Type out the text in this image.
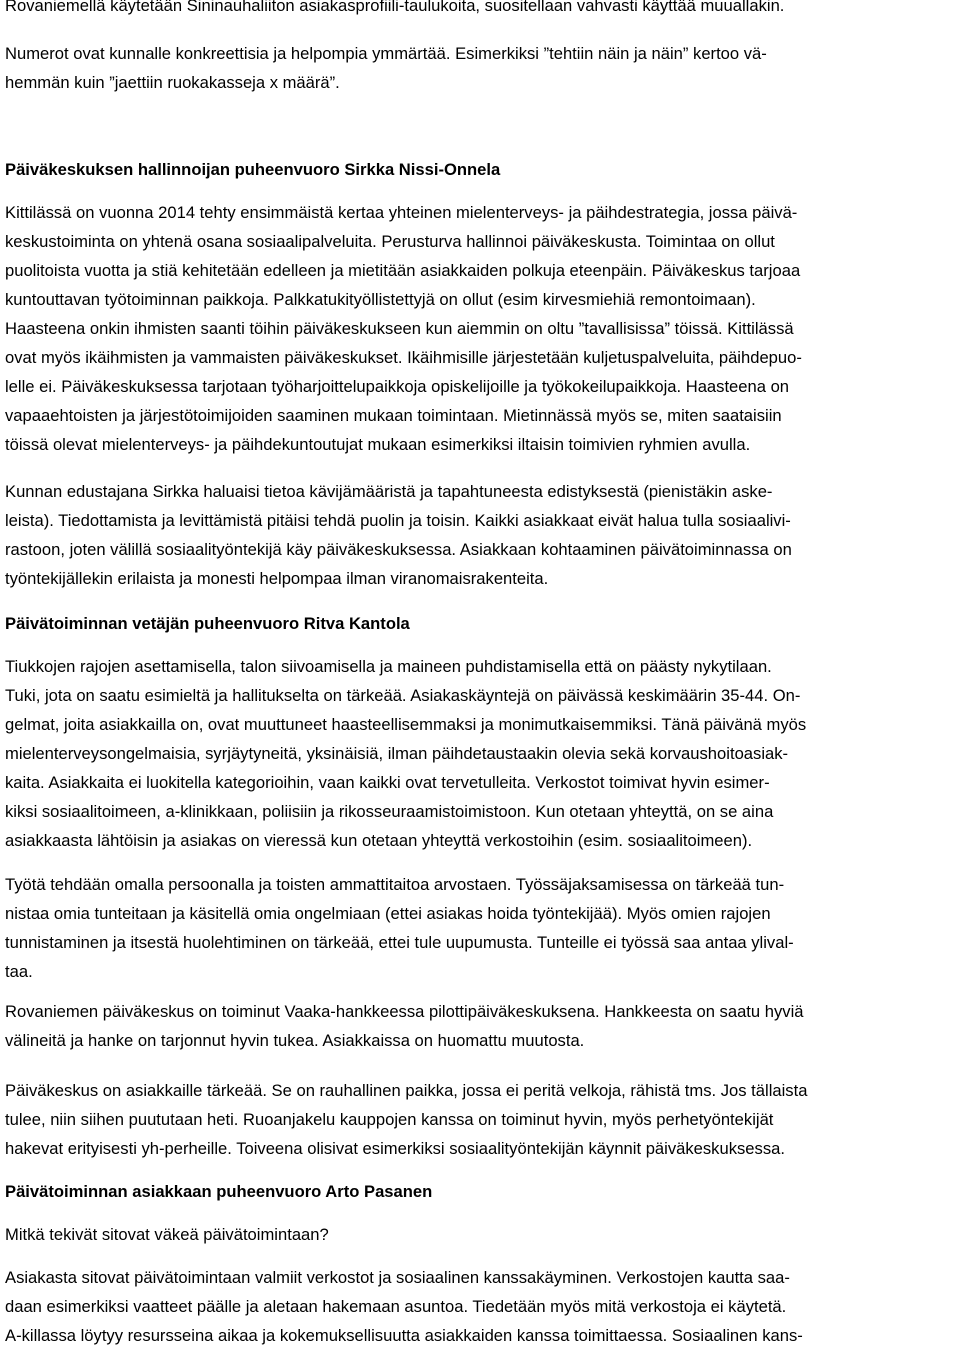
Rovaniemellä käytetään Sininauhaliiton asiakasprofiili-taulukoita, suositellaan vahvasti käyttää muuallakin.
Numerot ovat kunnalle konkreettisia ja helpompia ymmärtää. Esimerkiksi ”tehtiin näin ja näin” kertoo vä-
hemmän kuin ”jaettiin ruokakasseja x määrä”.
Päiväkeskuksen hallinnoijan puheenvuoro Sirkka Nissi-Onnela
Kittilässä on vuonna 2014 tehty ensimmäistä kertaa yhteinen mielenterveys- ja päihdestrategia, jossa päivä-
keskustoiminta on yhtenä osana sosiaalipalveluita. Perusturva hallinnoi päiväkeskusta. Toimintaa on ollut
puolitoista vuotta ja stiä kehitetään edelleen ja mietitään asiakkaiden polkuja eteenpäin. Päiväkeskus tarjoaa
kuntouttavan työtoiminnan paikkoja. Palkkatukityöllistettyjä on ollut (esim kirvesmiehiä remontoimaan).
Haasteena onkin ihmisten saanti töihin päiväkeskukseen kun aiemmin on oltu ”tavallisissa” töissä. Kittilässä
ovat myös ikäihmisten ja vammaisten päiväkeskukset. Ikäihmisille järjestetään kuljetuspalveluita, päihdepuo-
lelle ei. Päiväkeskuksessa tarjotaan työharjoittelupaikkoja opiskelijoille ja työkokeilupaikkoja. Haasteena on
vapaaehtoisten ja järjestötoimijoiden saaminen mukaan toimintaan. Mietinnässä myös se, miten saataisiin
töissä olevat mielenterveys- ja päihdekuntoutujat mukaan esimerkiksi iltaisin toimivien ryhmien avulla.
Kunnan edustajana Sirkka haluaisi tietoa kävijämääristä ja tapahtuneesta edistyksestä (pienistäkin aske-
leista). Tiedottamista ja levittämistä pitäisi tehdä puolin ja toisin. Kaikki asiakkaat eivät halua tulla sosiaalivi-
rastoon, joten välillä sosiaalityöntekijä käy päiväkeskuksessa. Asiakkaan kohtaaminen päivätoiminnassa on
työntekijällekin erilaista ja monesti helpompaa ilman viranomaisrakenteita.
Päivätoiminnan vetäjän puheenvuoro Ritva Kantola
Tiukkojen rajojen asettamisella, talon siivoamisella ja maineen puhdistamisella että on päästy nykytilaan.
Tuki, jota on saatu esimieltä ja hallitukselta on tärkeää. Asiakaskäyntejä on päivässä keskimäärin 35-44. On-
gelmat, joita asiakkailla on, ovat muuttuneet haasteellisemmaksi ja monimutkaisemmiksi. Tänä päivänä myös
mielenterveysongelmaisia, syrjäytyneitä, yksinäisiä, ilman päihdetaustaakin olevia sekä korvaushoitoasiak-
kaita. Asiakkaita ei luokitella kategorioihin, vaan kaikki ovat tervetulleita. Verkostot toimivat hyvin esimer-
kiksi sosiaalitoimeen, a-klinikkaan, poliisiin ja rikosseuraamistoimistoon. Kun otetaan yhteyttä, on se aina
asiakkaasta lähtöisin ja asiakas on vieressä kun otetaan yhteyttä verkostoihin (esim. sosiaalitoimeen).
Työtä tehdään omalla persoonalla ja toisten ammattitaitoa arvostaen. Työssäjaksamisessa on tärkeää tun-
nistaa omia tunteitaan ja käsitellä omia ongelmiaan (ettei asiakas hoida työntekijää). Myös omien rajojen
tunnistaminen ja itsestä huolehtiminen on tärkeää, ettei tule uupumusta. Tunteille ei työssä saa antaa ylival-
taa.
Rovaniemen päiväkeskus on toiminut Vaaka-hankkeessa pilottipäiväkeskuksena. Hankkeesta on saatu hyviä
välineitä ja hanke on tarjonnut hyvin tukea. Asiakkaissa on huomattu muutosta.
Päiväkeskus on asiakkaille tärkeää. Se on rauhallinen paikka, jossa ei peritä velkoja, rähistä tms. Jos tällaista
tulee, niin siihen puututaan heti. Ruoanjakelu kauppojen kanssa on toiminut hyvin, myös perhetyöntekijät
hakevat erityisesti yh-perheille. Toiveena olisivat esimerkiksi sosiaalityöntekijän käynnit päiväkeskuksessa.
Päivätoiminnan asiakkaan puheenvuoro Arto Pasanen
Mitkä tekivät sitovat väkeä päivätoimintaan?
Asiakasta sitovat päivätoimintaan valmiit verkostot ja sosiaalinen kanssakäyminen. Verkostojen kautta saa-
daan esimerkiksi vaatteet päälle ja aletaan hakemaan asuntoa. Tiedetään myös mitä verkostoja ei käytetä.
A-killassa löytyy resursseina aikaa ja kokemuksellisuutta asiakkaiden kanssa toimittaessa. Sosiaalinen kans-
